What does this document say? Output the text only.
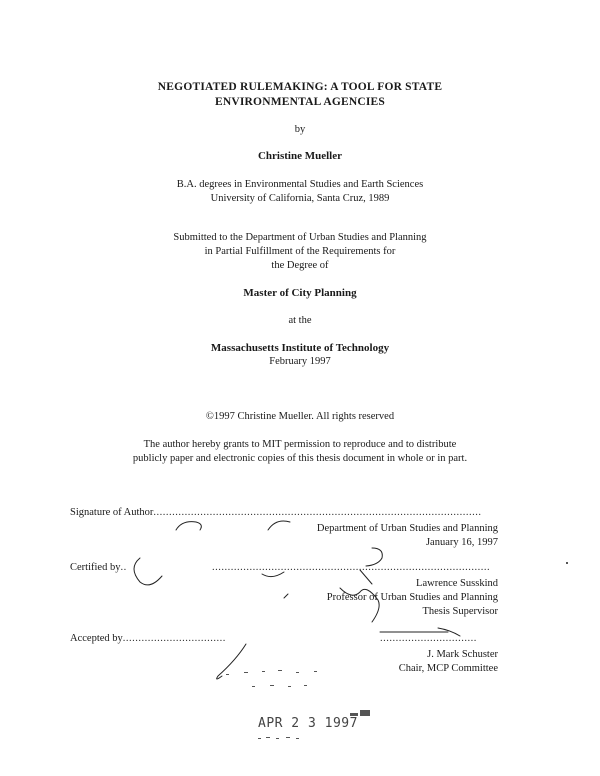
NEGOTIATED RULEMAKING: A TOOL FOR STATE
ENVIRONMENTAL AGENCIES
by
Christine Mueller
B.A. degrees in Environmental Studies and Earth Sciences
University of California, Santa Cruz, 1989
Submitted to the Department of Urban Studies and Planning
in Partial Fulfillment of the Requirements for
the Degree of
Master of City Planning
at the
Massachusetts Institute of Technology
February 1997
©1997 Christine Mueller. All rights reserved
The author hereby grants to MIT permission to reproduce and to distribute
publicly paper and electronic copies of this thesis document in whole or in part.
Signature of Author.........................................................................................................
Department of Urban Studies and Planning
January 16, 1997
Certified by..	.........................................................................................
Lawrence Susskind
Professor of Urban Studies and Planning
Thesis Supervisor
Accepted by.................................	...............................
J. Mark Schuster
Chair, MCP Committee
APR 2 3 1997
